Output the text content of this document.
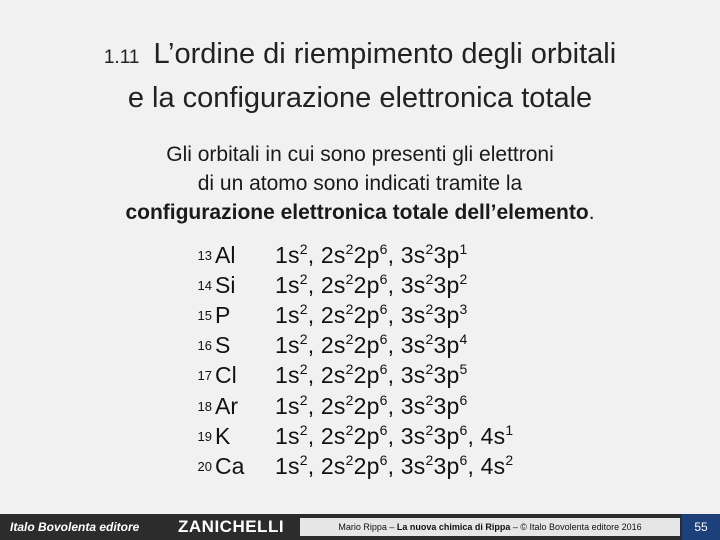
1.11 L’ordine di riempimento degli orbitali
e la configurazione elettronica totale
Gli orbitali in cui sono presenti gli elettroni
di un atomo sono indicati tramite la
configurazione elettronica totale dell’elemento.
13	Al	$1s^2$, $2s^22p^6$, $3s^23p^1$
14	Si	$1s^2$, $2s^22p^6$, $3s^23p^2$
15	P	$1s^2$, $2s^22p^6$, $3s^23p^3$
16	S	$1s^2$, $2s^22p^6$, $3s^23p^4$
17	Cl	$1s^2$, $2s^22p^6$, $3s^23p^5$
18	Ar	$1s^2$, $2s^22p^6$, $3s^23p^6$
19	K	$1s^2$, $2s^22p^6$, $3s^23p^6$, $4s^1$
20	Ca	$1s^2$, $2s^22p^6$, $3s^23p^6$, $4s^2$
Italo Bovolenta editore ZANICHELLI	Mario Rippa – La nuova chimica di Rippa – © Italo Bovolenta editore 2016	55
